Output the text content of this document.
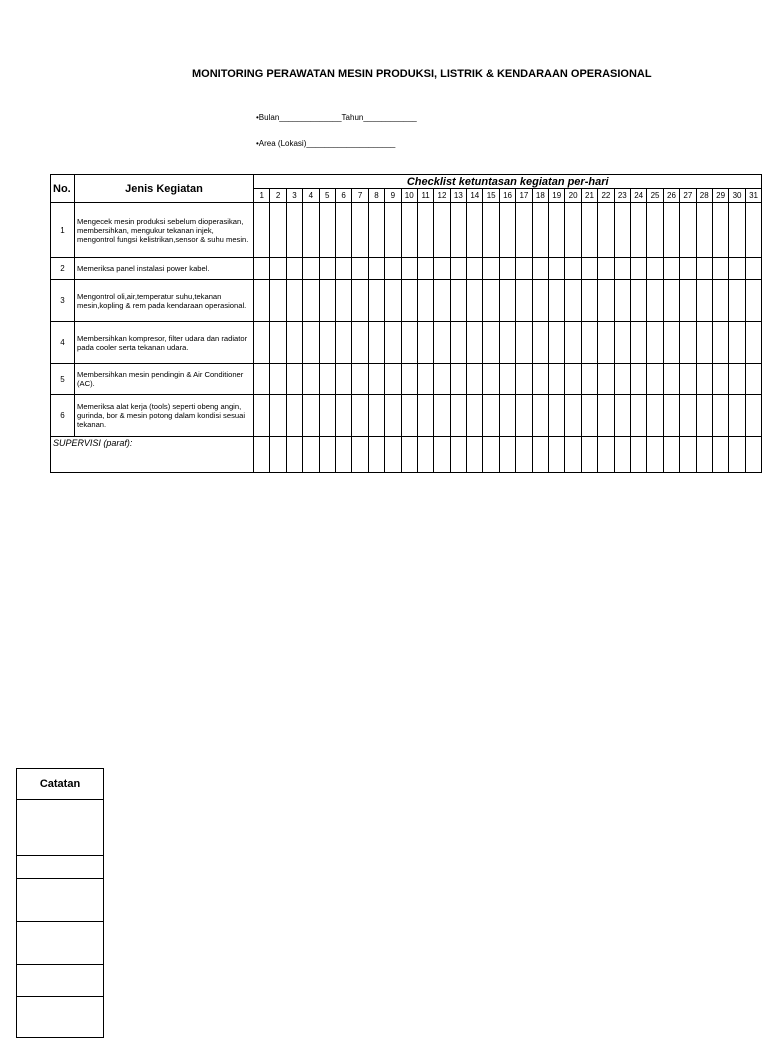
MONITORING PERAWATAN MESIN PRODUKSI, LISTRIK & KENDARAAN OPERASIONAL
•Bulan______________Tahun____________
•Area (Lokasi)____________________
No.	Jenis Kegiatan	Checklist ketuntasan kegiatan per-hari																														
		1	2	3	4	5	6	7	8	9	10	11	12	13	14	15	16	17	18	19	20	21	22	23	24	25	26	27	28	29	30	31
1	Mengecek mesin produksi sebelum dioperasikan, membersihkan, mengukur tekanan injek, mengontrol fungsi kelistrikan,sensor & suhu mesin.																															
2	Memeriksa panel instalasi power kabel.																															
3	Mengontrol oli,air,temperatur suhu,tekanan mesin,kopling & rem pada kendaraan operasional.																															
4	Membersihkan kompresor, filter udara dan radiator pada cooler serta tekanan udara.																															
5	Membersihkan mesin pendingin & Air Conditioner (AC).																															
6	Memeriksa alat kerja (tools) seperti obeng angin, gurinda, bor & mesin potong dalam kondisi sesuai tekanan.																															
SUPERVISI (paraf):																																
Catatan
